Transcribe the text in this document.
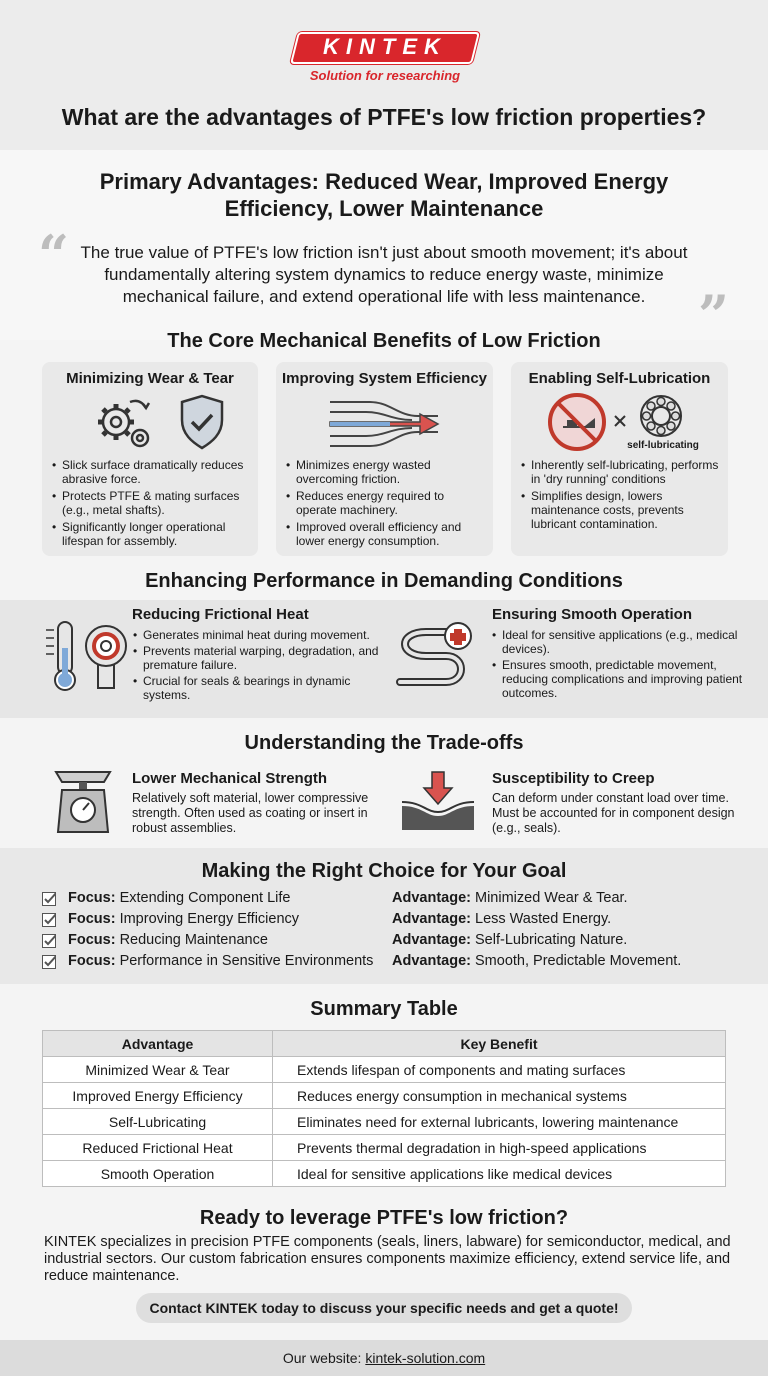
KINTEK
Solution for researching
What are the advantages of PTFE's low friction properties?
Primary Advantages: Reduced Wear, Improved Energy Efficiency, Lower Maintenance
“ The true value of PTFE's low friction isn't just about smooth movement; it's about fundamentally altering system dynamics to reduce energy waste, minimize mechanical failure, and extend operational life with less maintenance. ”
The Core Mechanical Benefits of Low Friction
Minimizing Wear & Tear
• Slick surface dramatically reduces abrasive force.
• Protects PTFE & mating surfaces (e.g., metal shafts).
• Significantly longer operational lifespan for assembly.
Improving System Efficiency
• Minimizes energy wasted overcoming friction.
• Reduces energy required to operate machinery.
• Improved overall efficiency and lower energy consumption.
Enabling Self-Lubrication
self-lubricating
• Inherently self-lubricating, performs in 'dry running' conditions
• Simplifies design, lowers maintenance costs, prevents lubricant contamination.
Enhancing Performance in Demanding Conditions
Reducing Frictional Heat
• Generates minimal heat during movement.
• Prevents material warping, degradation, and premature failure.
• Crucial for seals & bearings in dynamic systems.
Ensuring Smooth Operation
• Ideal for sensitive applications (e.g., medical devices).
• Ensures smooth, predictable movement, reducing complications and improving patient outcomes.
Understanding the Trade-offs
Lower Mechanical Strength

Relatively soft material, lower compressive strength. Often used as coating or insert in robust assemblies.

Susceptibility to Creep

Can deform under constant load over time. Must be accounted for in component design (e.g., seals).

Making the Right Choice for Your Goal
Focus: Extending Component Life	Advantage: Minimized Wear & Tear.
Focus: Improving Energy Efficiency	Advantage: Less Wasted Energy.
Focus: Reducing Maintenance	Advantage: Self-Lubricating Nature.
Focus: Performance in Sensitive Environments Advantage: Smooth, Predictable Movement.
Summary Table
Advantage	Key Benefit
Minimized Wear & Tear	Extends lifespan of components and mating surfaces
Improved Energy Efficiency	Reduces energy consumption in mechanical systems
Self-Lubricating	Eliminates need for external lubricants, lowering maintenance
Reduced Frictional Heat	Prevents thermal degradation in high-speed applications
Smooth Operation	Ideal for sensitive applications like medical devices
Ready to leverage PTFE's low friction?

KINTEK specializes in precision PTFE components (seals, liners, labware) for semiconductor, medical, and industrial sectors. Our custom fabrication ensures components maximize efficiency, extend service life, and reduce maintenance.

Contact KINTEK today to discuss your specific needs and get a quote!
Our website: kintek-solution.com
